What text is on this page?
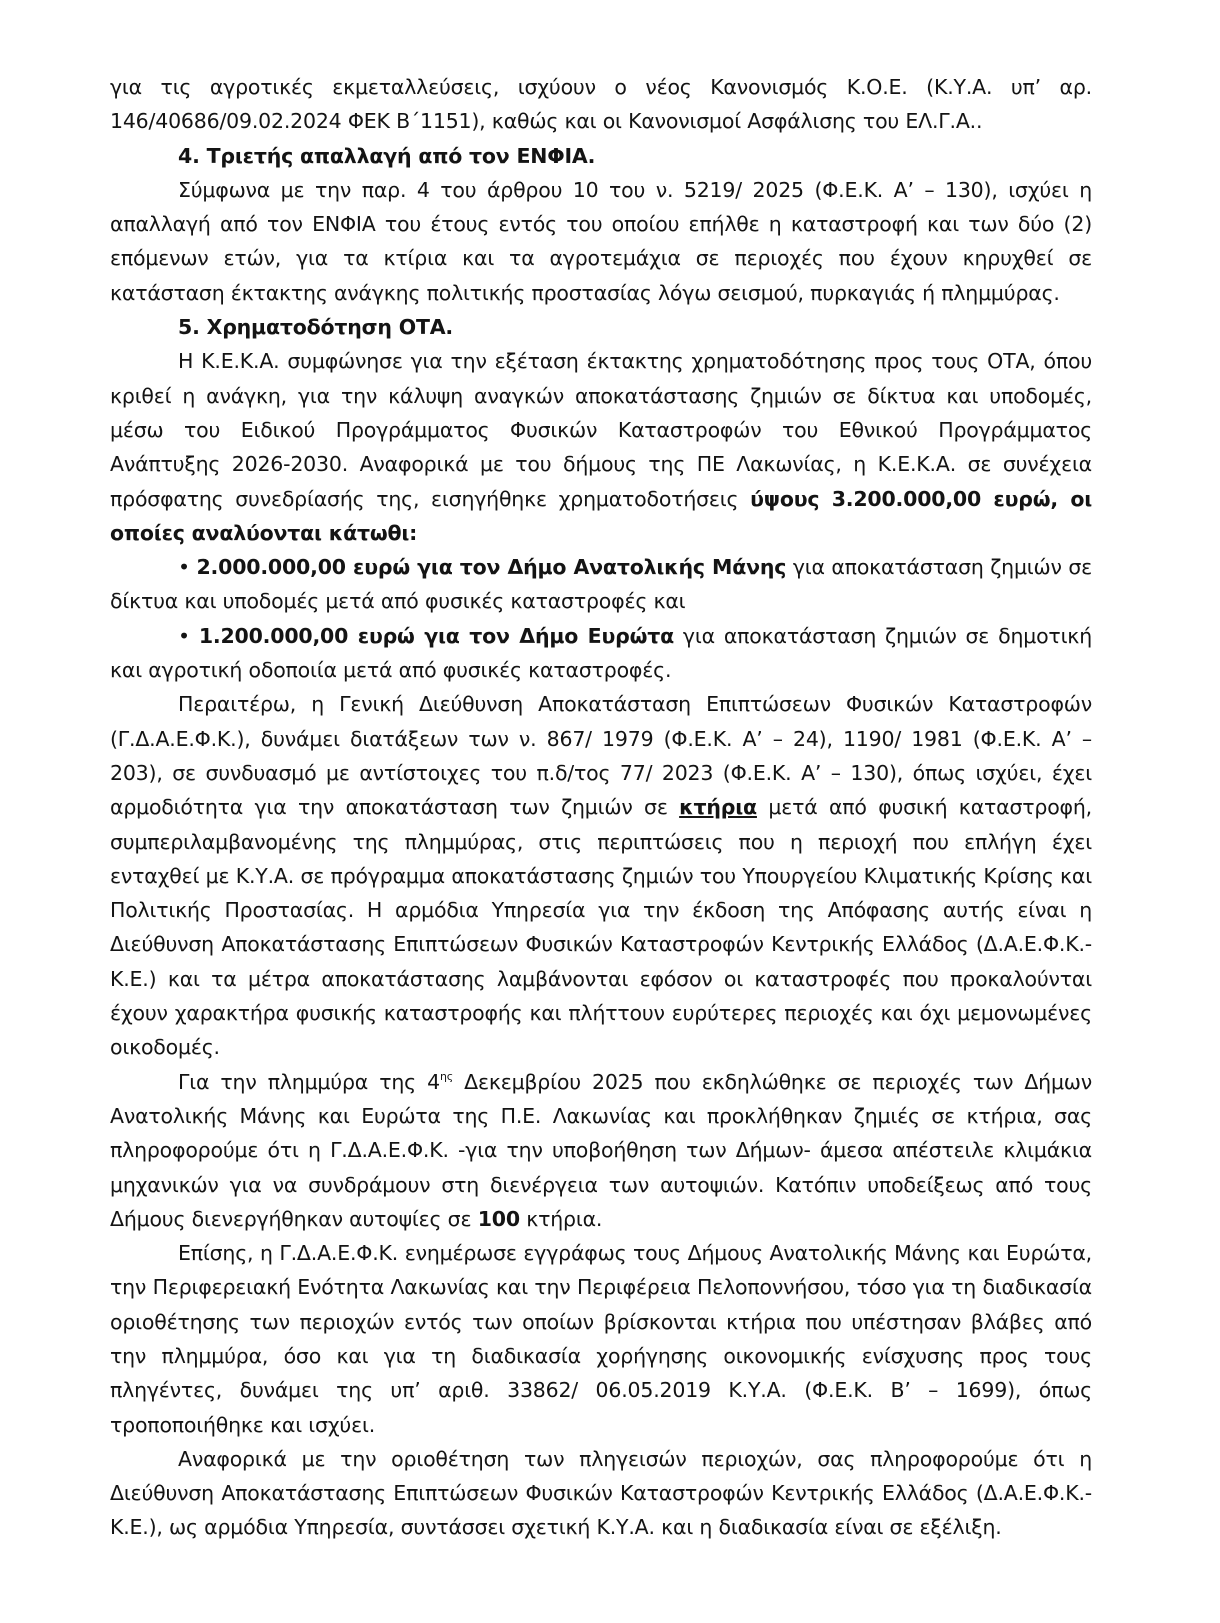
για τις αγροτικές εκμεταλλεύσεις, ισχύουν ο νέος Κανονισμός Κ.Ο.Ε. (Κ.Υ.Α. υπ’ αρ. 146/40686/09.02.2024 ΦΕΚ Β΄1151), καθώς και οι Κανονισμοί Ασφάλισης του ΕΛ.Γ.Α..

4. Τριετής απαλλαγή από τον ΕΝΦΙΑ.

Σύμφωνα με την παρ. 4 του άρθρου 10 του ν. 5219/ 2025 (Φ.Ε.Κ. Α’ – 130), ισχύει η απαλλαγή από τον ΕΝΦΙΑ του έτους εντός του οποίου επήλθε η καταστροφή και των δύο (2) επόμενων ετών, για τα κτίρια και τα αγροτεμάχια σε περιοχές που έχουν κηρυχθεί σε κατάσταση έκτακτης ανάγκης πολιτικής προστασίας λόγω σεισμού, πυρκαγιάς ή πλημμύρας.

5. Χρηματοδότηση ΟΤΑ.

Η Κ.Ε.Κ.Α. συμφώνησε για την εξέταση έκτακτης χρηματοδότησης προς τους ΟΤΑ, όπου κριθεί η ανάγκη, για την κάλυψη αναγκών αποκατάστασης ζημιών σε δίκτυα και υποδομές, μέσω του Ειδικού Προγράμματος Φυσικών Καταστροφών του Εθνικού Προγράμματος Ανάπτυξης 2026-2030. Αναφορικά με του δήμους της ΠΕ Λακωνίας, η Κ.Ε.Κ.Α. σε συνέχεια πρόσφατης συνεδρίασής της, εισηγήθηκε χρηματοδοτήσεις ύψους 3.200.000,00 ευρώ, οι οποίες αναλύονται κάτωθι:

• 2.000.000,00 ευρώ για τον Δήμο Ανατολικής Μάνης για αποκατάσταση ζημιών σε δίκτυα και υποδομές μετά από φυσικές καταστροφές και

• 1.200.000,00 ευρώ για τον Δήμο Ευρώτα για αποκατάσταση ζημιών σε δημοτική και αγροτική οδοποιία μετά από φυσικές καταστροφές.

Περαιτέρω, η Γενική Διεύθυνση Αποκατάσταση Επιπτώσεων Φυσικών Καταστροφών (Γ.Δ.Α.Ε.Φ.Κ.), δυνάμει διατάξεων των ν. 867/ 1979 (Φ.Ε.Κ. Α’ – 24), 1190/ 1981 (Φ.Ε.Κ. Α’ – 203), σε συνδυασμό με αντίστοιχες του π.δ/τος 77/ 2023 (Φ.Ε.Κ. Α’ – 130), όπως ισχύει, έχει αρμοδιότητα για την αποκατάσταση των ζημιών σε κτήρια μετά από φυσική καταστροφή, συμπεριλαμβανομένης της πλημμύρας, στις περιπτώσεις που η περιοχή που επλήγη έχει ενταχθεί με Κ.Υ.Α. σε πρόγραμμα αποκατάστασης ζημιών του Υπουργείου Κλιματικής Κρίσης και Πολιτικής Προστασίας. Η αρμόδια Υπηρεσία για την έκδοση της Απόφασης αυτής είναι η Διεύθυνση Αποκατάστασης Επιπτώσεων Φυσικών Καταστροφών Κεντρικής Ελλάδος (Δ.Α.Ε.Φ.Κ.-Κ.Ε.) και τα μέτρα αποκατάστασης λαμβάνονται εφόσον οι καταστροφές που προκαλούνται έχουν χαρακτήρα φυσικής καταστροφής και πλήττουν ευρύτερες περιοχές και όχι μεμονωμένες οικοδομές.

Για την πλημμύρα της $4^{\eta\varsigma}$ Δεκεμβρίου 2025 που εκδηλώθηκε σε περιοχές των Δήμων Ανατολικής Μάνης και Ευρώτα της Π.Ε. Λακωνίας και προκλήθηκαν ζημιές σε κτήρια, σας πληροφορούμε ότι η Γ.Δ.Α.Ε.Φ.Κ. -για την υποβοήθηση των Δήμων- άμεσα απέστειλε κλιμάκια μηχανικών για να συνδράμουν στη διενέργεια των αυτοψιών. Κατόπιν υποδείξεως από τους Δήμους διενεργήθηκαν αυτοψίες σε 100 κτήρια.

Επίσης, η Γ.Δ.Α.Ε.Φ.Κ. ενημέρωσε εγγράφως τους Δήμους Ανατολικής Μάνης και Ευρώτα, την Περιφερειακή Ενότητα Λακωνίας και την Περιφέρεια Πελοποννήσου, τόσο για τη διαδικασία οριοθέτησης των περιοχών εντός των οποίων βρίσκονται κτήρια που υπέστησαν βλάβες από την πλημμύρα, όσο και για τη διαδικασία χορήγησης οικονομικής ενίσχυσης προς τους πληγέντες, δυνάμει της υπ’ αριθ. 33862/ 06.05.2019 Κ.Υ.Α. (Φ.Ε.Κ. Β’ – 1699), όπως τροποποιήθηκε και ισχύει.

Αναφορικά με την οριοθέτηση των πληγεισών περιοχών, σας πληροφορούμε ότι η Διεύθυνση Αποκατάστασης Επιπτώσεων Φυσικών Καταστροφών Κεντρικής Ελλάδος (Δ.Α.Ε.Φ.Κ.-Κ.Ε.), ως αρμόδια Υπηρεσία, συντάσσει σχετική Κ.Υ.Α. και η διαδικασία είναι σε εξέλιξη.
